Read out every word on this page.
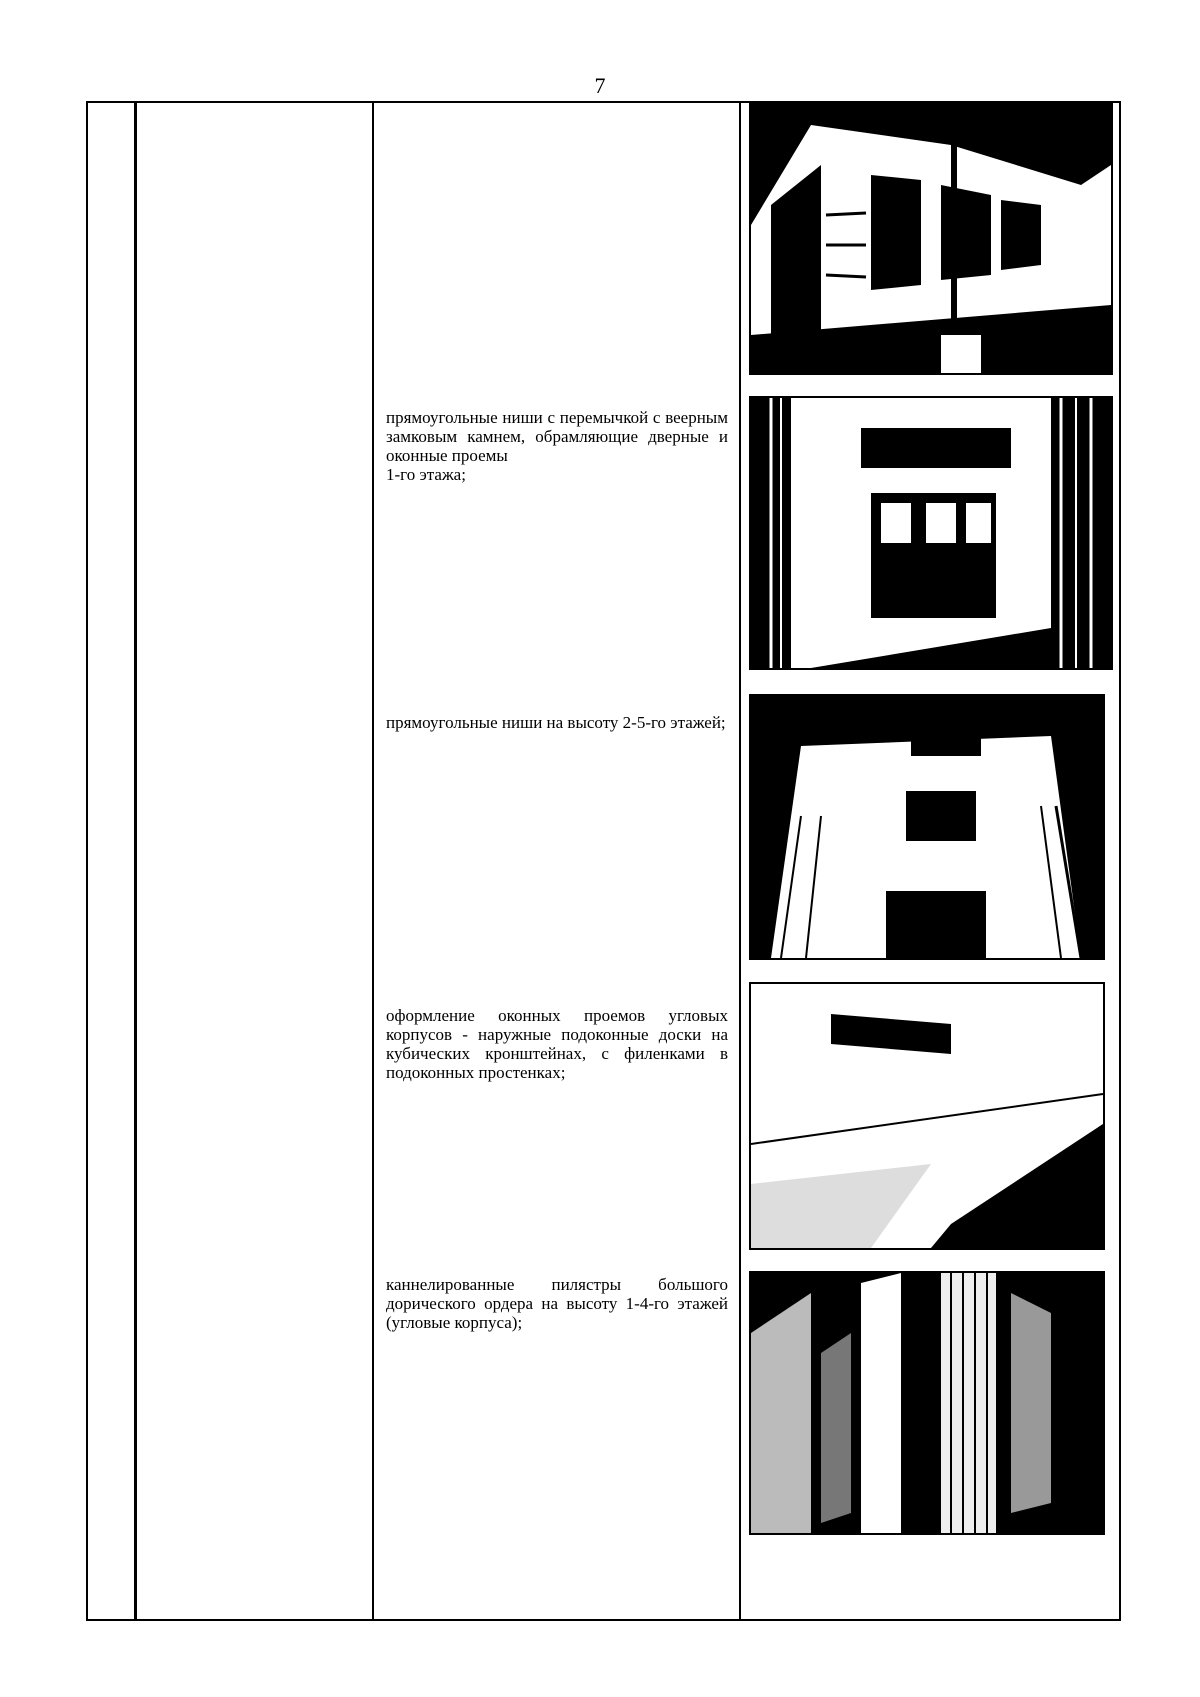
7

прямоугольные ниши с перемычкой с веерным замковым камнем, обрамляющие дверные и оконные проемы

1-го этажа;

прямоугольные ниши на высоту 2-5-го этажей;

оформление оконных проемов угловых корпусов - наружные подоконные доски на кубических кронштейнах, с филенками в подоконных простенках;

каннелированные пилястры большого дорического ордера на высоту 1-4-го этажей (угловые корпуса);
